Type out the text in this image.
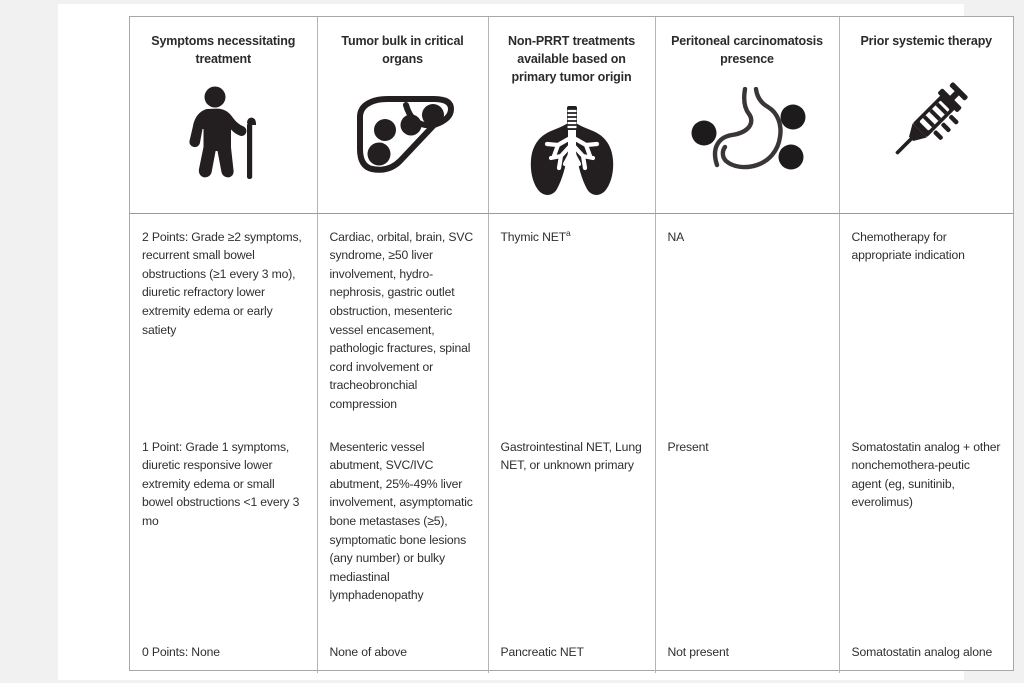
Symptoms necessitating treatment	Tumor bulk in critical organs	Non-PRRT treatments available based on primary tumor origin	Peritoneal carcinomatosis presence	Prior systemic therapy

2 Points: Grade ≥2 symptoms, recurrent small bowel obstructions (≥1 every 3 mo), diuretic refractory lower extremity edema or early satiety	Cardiac, orbital, brain, SVC syndrome, ≥50 liver involvement, hydro-nephrosis, gastric outlet obstruction, mesenteric vessel encasement, pathologic fractures, spinal cord involvement or tracheobronchial compression	Thymic NET$^a$	NA	Chemotherapy for appropriate indication
1 Point: Grade 1 symptoms, diuretic responsive lower extremity edema or small bowel obstructions <1 every 3 mo	Mesenteric vessel abutment, SVC/IVC abutment, 25%-49% liver involvement, asymptomatic bone metastases (≥5), symptomatic bone lesions (any number) or bulky mediastinal lymphadenopathy	Gastrointestinal NET, Lung NET, or unknown primary	Present	Somatostatin analog + other nonchemothera-peutic agent (eg, sunitinib, everolimus)
0 Points: None	None of above	Pancreatic NET	Not present	Somatostatin analog alone
